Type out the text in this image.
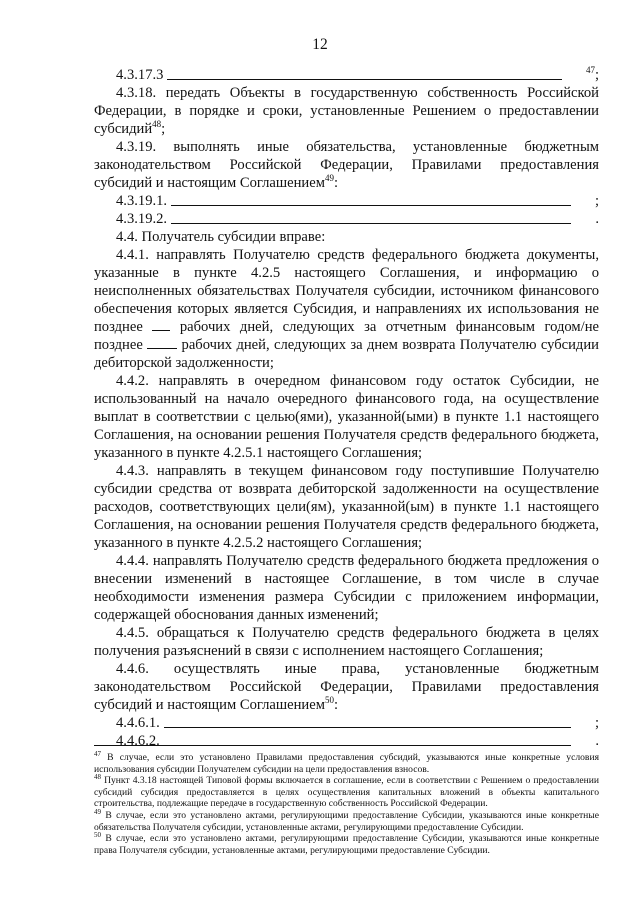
12
4.3.17.3	$^{47}$;

4.3.18. передать Объекты в государственную собственность Российской Федерации, в порядке и сроки, установленные Решением о предоставлении субсидий$^{48}$;

4.3.19. выполнять иные обязательства, установленные бюджетным законодательством Российской Федерации, Правилами предоставления субсидий и настоящим Соглашением$^{49}$:

4.3.19.1.	;
4.3.19.2.	.

4.4. Получатель субсидии вправе:

4.4.1. направлять Получателю средств федерального бюджета документы, указанные в пункте 4.2.5 настоящего Соглашения, и информацию о неисполненных обязательствах Получателя субсидии, источником финансового обеспечения которых является Субсидия, и направлениях их использования не позднее	рабочих дней, следующих за отчетным финансовым годом/не позднее	рабочих дней, следующих за днем возврата Получателю субсидии дебиторской задолженности;

4.4.2. направлять в очередном финансовом году остаток Субсидии, не использованный на начало очередного финансового года, на осуществление выплат в соответствии с целью(ями), указанной(ыми) в пункте 1.1 настоящего Соглашения, на основании решения Получателя средств федерального бюджета, указанного в пункте 4.2.5.1 настоящего Соглашения;

4.4.3. направлять в текущем финансовом году поступившие Получателю субсидии средства от возврата дебиторской задолженности на осуществление расходов, соответствующих цели(ям), указанной(ым) в пункте 1.1 настоящего Соглашения, на основании решения Получателя средств федерального бюджета, указанного в пункте 4.2.5.2 настоящего Соглашения;

4.4.4. направлять Получателю средств федерального бюджета предложения о внесении изменений в настоящее Соглашение, в том числе в случае необходимости изменения размера Субсидии с приложением информации, содержащей обоснования данных изменений;

4.4.5. обращаться к Получателю средств федерального бюджета в целях получения разъяснений в связи с исполнением настоящего Соглашения;

4.4.6. осуществлять иные права, установленные бюджетным законодательством Российской Федерации, Правилами предоставления субсидий и настоящим Соглашением$^{50}$:

4.4.6.1.	;
4.4.6.2.	.

$^{47}$ В случае, если это установлено Правилами предоставления субсидий, указываются иные конкретные условия использования субсидии Получателем субсидии на цели предоставления взносов.

$^{48}$ Пункт 4.3.18 настоящей Типовой формы включается в соглашение, если в соответствии с Решением о предоставлении субсидий субсидия предоставляется в целях осуществления капитальных вложений в объекты капитального строительства, подлежащие передаче в государственную собственность Российской Федерации.

$^{49}$ В случае, если это установлено актами, регулирующими предоставление Субсидии, указываются иные конкретные обязательства Получателя субсидии, установленные актами, регулирующими предоставление Субсидии.

$^{50}$ В случае, если это установлено актами, регулирующими предоставление Субсидии, указываются иные конкретные права Получателя субсидии, установленные актами, регулирующими предоставление Субсидии.
